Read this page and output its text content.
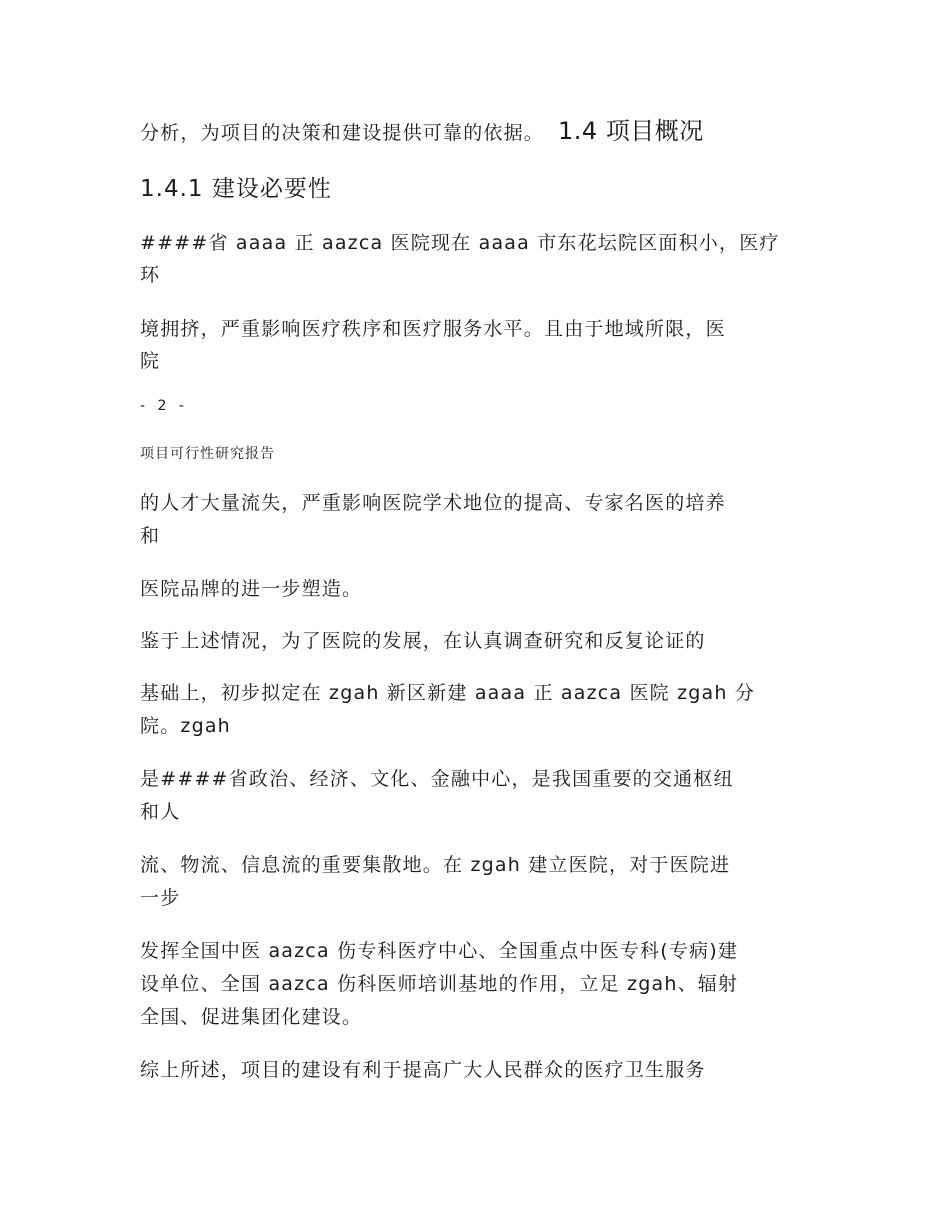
分析，为项目的决策和建设提供可靠的依据。 1.4 项目概况
1.4.1 建设必要性
####省 aaaa 正 aazca 医院现在 aaaa 市东花坛院区面积小，医疗
环
境拥挤，严重影响医疗秩序和医疗服务水平。且由于地域所限，医
院
- 2 -
项目可行性研究报告
的人才大量流失，严重影响医院学术地位的提高、专家名医的培养
和
医院品牌的进一步塑造。
鉴于上述情况，为了医院的发展，在认真调查研究和反复论证的
基础上，初步拟定在 zgah 新区新建 aaaa 正 aazca 医院 zgah 分
院。zgah
是####省政治、经济、文化、金融中心，是我国重要的交通枢纽
和人
流、物流、信息流的重要集散地。在 zgah 建立医院，对于医院进
一步
发挥全国中医 aazca 伤专科医疗中心、全国重点中医专科(专病)建
设单位、全国 aazca 伤科医师培训基地的作用，立足 zgah、辐射
全国、促进集团化建设。
综上所述，项目的建设有利于提高广大人民群众的医疗卫生服务
